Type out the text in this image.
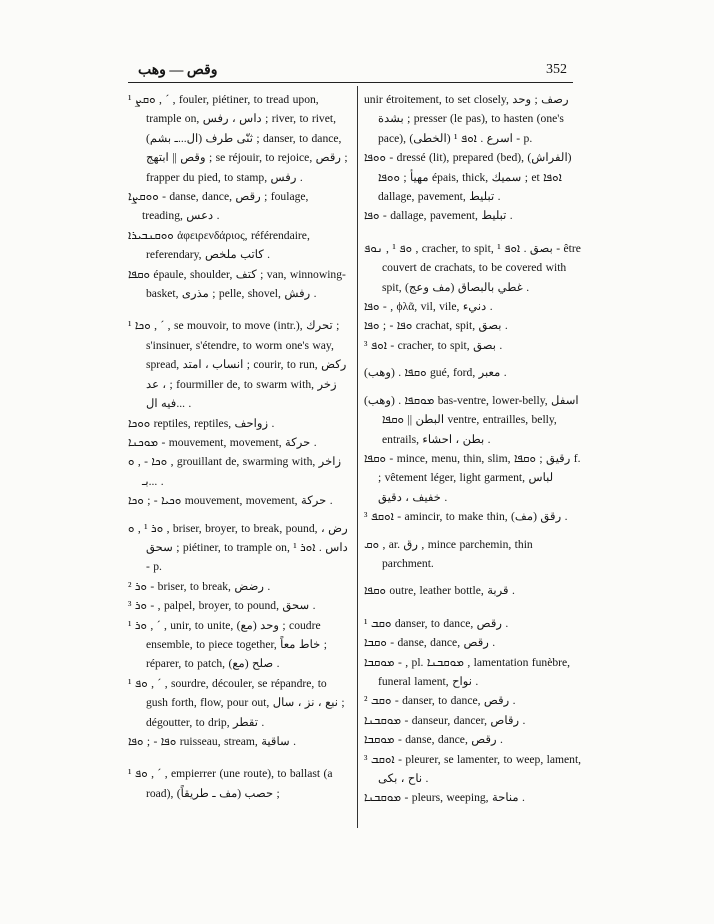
وقص — وهب	352

ܘܩܨ ¹ , ˊ , fouler, piétiner, to tread upon, trample on, داس ، رفس ; river, to rivet, ثنّى طرف (ال...ـ بشم) ; danser, to dance, وقص || ابتهج ; se réjouir, to rejoice, رقص ; frapper du pied, to stamp, رفس .

ܘܘܩܨܐ - danse, dance, رقص ; foulage, treading, دعس .

ܘܘܩܢܒܝܪܐ ἀφειρενδάριος, référendaire, referendary, كاتب ملخص .

ܘܩܦܐ épaule, shoulder, كتف ; van, winnowing-basket, مذرى ; pelle, shovel, رفش .

ܘܟܐ ¹ , ˊ , se mouvoir, to move (intr.), تحرك ; s'insinuer, s'étendre, to worm one's way, spread, انساب ، امتد ; courir, to run, ركض ، عد ; fourmiller de, to swarm with, زخر فيه ال... .

ܘܘܟܐ reptiles, reptiles, زواحف .

ܡܘܟܢܐ - mouvement, movement, حركة .

ܘܟܐ - , ܘ , grouillant de, swarming with, زاخر بـ... .

ܘܟܝܐ - ; ܘܟܐ mouvement, movement, حركة .

ܘܪ ¹ , ܘ , briser, broyer, to break, pound, رض ، سحق ; piétiner, to trample on, داس . ܐܘܪ ¹ - p.

ܘܪ ² - briser, to break, رضض .

ܘܪ ³ - , palpel, broyer, to pound, سحق .

ܘܪ ¹ , ˊ , unir, to unite, (مع) وحد ; coudre ensemble, to piece together, خاط معاً ; réparer, to patch, (مع) صلح .

ܘܦ ¹ , ˊ , sourdre, découler, se répandre, to gush forth, flow, pour out, نبع ، نز ، سال ; dégoutter, to drip, تقطر .

ܘܦܐ - ; ܘܦܐ ruisseau, stream, ساقية .

ܘܦ ¹ , ˊ , empierrer (une route), to ballast (a road), (مف ـ طريقاً) حصب ;

unir étroitement, to set closely, رصف ; وحد بشدة ; presser (le pas), to hasten (one's pace), (الخطى) اسرع . ܐܘܦ ¹ - p.

ܘܘܦܐ - dressé (lit), prepared (bed), (الفراش) مهيأ ; ܘܘܦܐ épais, thick, سميك ; et ܐܘܦܐ dallage, pavement, تبليط .

ܘܦܐ - dallage, pavement, تبليط .

ܘܦ ¹ , ܢܘܦ , cracher, to spit, بصق . ܐܘܦ ¹ - être couvert de crachats, to be covered with spit, (مف وعج) غطي بالبصاق .

ܘܦܐ - , ϕλᾶ, vil, vile, دنيء .

ܘܦܐ - ; ܘܦܐ crachat, spit, بصق .

ܐܘܦ ³ - cracher, to spit, بصق .

(وهب) . ܘܩܦܐ gué, ford, معبر .

(وهب) . ܡܘܩܦܐ bas-ventre, lower-belly, اسفل البطن || ܘܩܦܐ ventre, entrailles, belly, entrails, بطن ، احشاء .

ܘܩܦܐ - mince, menu, thin, slim, رقيق ; ܘܩܦܐ f. ; vêtement léger, light garment, لباس خفيف ، دقيق .

ܐܘܩܦ ³ - amincir, to make thin, (مف) رقق .

ܘܩ , ar. رق , mince parchemin, thin parchment.

ܘܩܦܐ outre, leather bottle, قربة .

ܘܩܒ ¹ danser, to dance, رقص .

ܘܩܒܐ - danse, dance, رقص .

ܡܘܩܒܐ - , pl. ܡܘܩܒܢܐ , lamentation funèbre, funeral lament, نواح .

ܘܩܒ ² - danser, to dance, رقص .

ܡܘܩܒܢܐ - danseur, dancer, رقاص .

ܡܘܩܒܐ - danse, dance, رقص .

ܐܘܩܒ ³ - pleurer, se lamenter, to weep, lament, ناح ، بكى .

ܡܘܩܒܢܐ - pleurs, weeping, مناحة .
